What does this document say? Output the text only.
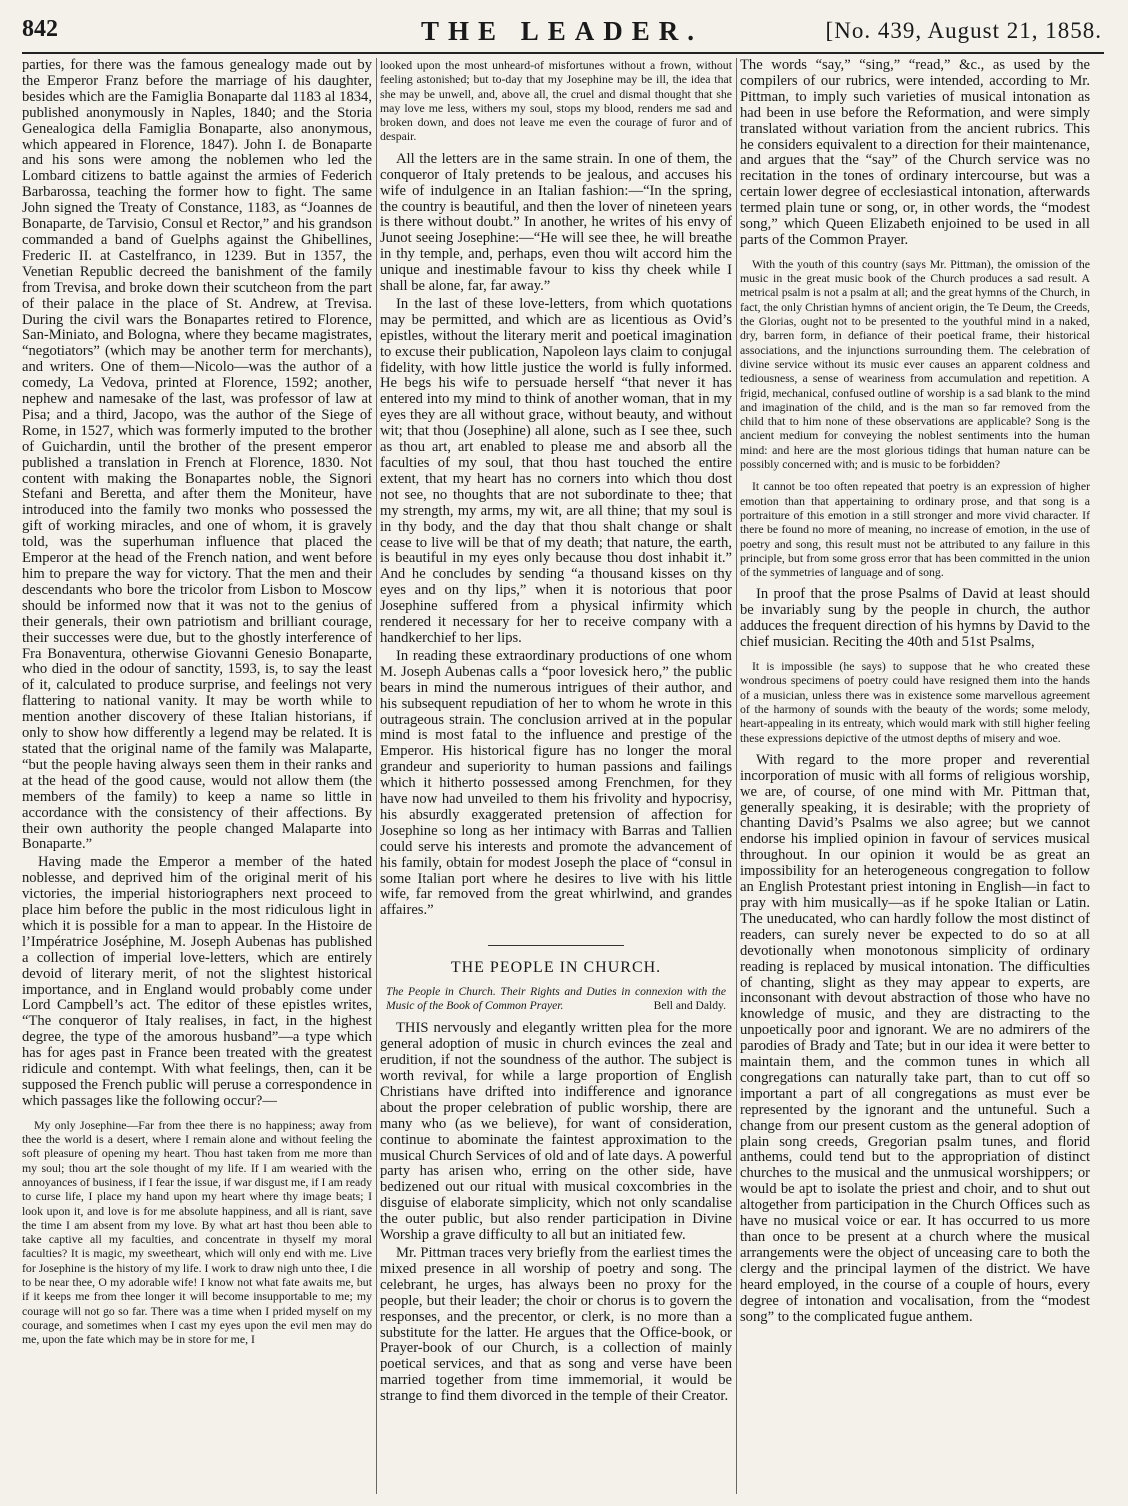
842	THE LEADER.	[No. 439, August 21, 1858.

parties, for there was the famous genealogy made out by the Emperor Franz before the marriage of his daughter, besides which are the Famiglia Bonaparte dal 1183 al 1834, published anonymously in Naples, 1840; and the Storia Genealogica della Famiglia Bonaparte, also anonymous, which appeared in Florence, 1847). John I. de Bonaparte and his sons were among the noblemen who led the Lombard citizens to battle against the armies of Federich Barbarossa, teaching the former how to fight. The same John signed the Treaty of Constance, 1183, as “Joannes de Bonaparte, de Tarvisio, Consul et Rector,” and his grandson commanded a band of Guelphs against the Ghibellines, Frederic II. at Castelfranco, in 1239. But in 1357, the Venetian Republic decreed the banishment of the family from Trevisa, and broke down their scutcheon from the part of their palace in the place of St. Andrew, at Trevisa. During the civil wars the Bonapartes retired to Florence, San-Miniato, and Bologna, where they became magistrates, “negotiators” (which may be another term for merchants), and writers. One of them—Nicolo—was the author of a comedy, La Vedova, printed at Florence, 1592; another, nephew and namesake of the last, was professor of law at Pisa; and a third, Jacopo, was the author of the Siege of Rome, in 1527, which was formerly imputed to the brother of Guichardin, until the brother of the present emperor published a translation in French at Florence, 1830. Not content with making the Bonapartes noble, the Signori Stefani and Beretta, and after them the Moniteur, have introduced into the family two monks who possessed the gift of working miracles, and one of whom, it is gravely told, was the superhuman influence that placed the Emperor at the head of the French nation, and went before him to prepare the way for victory. That the men and their descendants who bore the tricolor from Lisbon to Moscow should be informed now that it was not to the genius of their generals, their own patriotism and brilliant courage, their successes were due, but to the ghostly interference of Fra Bonaventura, otherwise Giovanni Genesio Bonaparte, who died in the odour of sanctity, 1593, is, to say the least of it, calculated to produce surprise, and feelings not very flattering to national vanity. It may be worth while to mention another discovery of these Italian historians, if only to show how differently a legend may be related. It is stated that the original name of the family was Malaparte, “but the people having always seen them in their ranks and at the head of the good cause, would not allow them (the members of the family) to keep a name so little in accordance with the consistency of their affections. By their own authority the people changed Malaparte into Bonaparte.”

Having made the Emperor a member of the hated noblesse, and deprived him of the original merit of his victories, the imperial historiographers next proceed to place him before the public in the most ridiculous light in which it is possible for a man to appear. In the Histoire de l’Impératrice Joséphine, M. Joseph Aubenas has published a collection of imperial love-letters, which are entirely devoid of literary merit, of not the slightest historical importance, and in England would probably come under Lord Campbell’s act. The editor of these epistles writes, “The conqueror of Italy realises, in fact, in the highest degree, the type of the amorous husband”—a type which has for ages past in France been treated with the greatest ridicule and contempt. With what feelings, then, can it be supposed the French public will peruse a correspondence in which passages like the following occur?—

My only Josephine—Far from thee there is no happiness; away from thee the world is a desert, where I remain alone and without feeling the soft pleasure of opening my heart. Thou hast taken from me more than my soul; thou art the sole thought of my life. If I am wearied with the annoyances of business, if I fear the issue, if war disgust me, if I am ready to curse life, I place my hand upon my heart where thy image beats; I look upon it, and love is for me absolute happiness, and all is riant, save the time I am absent from my love. By what art hast thou been able to take captive all my faculties, and concentrate in thyself my moral faculties? It is magic, my sweetheart, which will only end with me. Live for Josephine is the history of my life. I work to draw nigh unto thee, I die to be near thee, O my adorable wife! I know not what fate awaits me, but if it keeps me from thee longer it will become insupportable to me; my courage will not go so far. There was a time when I prided myself on my courage, and sometimes when I cast my eyes upon the evil men may do me, upon the fate which may be in store for me, I

looked upon the most unheard-of misfortunes without a frown, without feeling astonished; but to-day that my Josephine may be ill, the idea that she may be unwell, and, above all, the cruel and dismal thought that she may love me less, withers my soul, stops my blood, renders me sad and broken down, and does not leave me even the courage of furor and of despair.

All the letters are in the same strain. In one of them, the conqueror of Italy pretends to be jealous, and accuses his wife of indulgence in an Italian fashion:—“In the spring, the country is beautiful, and then the lover of nineteen years is there without doubt.” In another, he writes of his envy of Junot seeing Josephine:—“He will see thee, he will breathe in thy temple, and, perhaps, even thou wilt accord him the unique and inestimable favour to kiss thy cheek while I shall be alone, far, far away.”

In the last of these love-letters, from which quotations may be permitted, and which are as licentious as Ovid’s epistles, without the literary merit and poetical imagination to excuse their publication, Napoleon lays claim to conjugal fidelity, with how little justice the world is fully informed. He begs his wife to persuade herself “that never it has entered into my mind to think of another woman, that in my eyes they are all without grace, without beauty, and without wit; that thou (Josephine) all alone, such as I see thee, such as thou art, art enabled to please me and absorb all the faculties of my soul, that thou hast touched the entire extent, that my heart has no corners into which thou dost not see, no thoughts that are not subordinate to thee; that my strength, my arms, my wit, are all thine; that my soul is in thy body, and the day that thou shalt change or shalt cease to live will be that of my death; that nature, the earth, is beautiful in my eyes only because thou dost inhabit it.” And he concludes by sending “a thousand kisses on thy eyes and on thy lips,” when it is notorious that poor Josephine suffered from a physical infirmity which rendered it necessary for her to receive company with a handkerchief to her lips.

In reading these extraordinary productions of one whom M. Joseph Aubenas calls a “poor lovesick hero,” the public bears in mind the numerous intrigues of their author, and his subsequent repudiation of her to whom he wrote in this outrageous strain. The conclusion arrived at in the popular mind is most fatal to the influence and prestige of the Emperor. His historical figure has no longer the moral grandeur and superiority to human passions and failings which it hitherto possessed among Frenchmen, for they have now had unveiled to them his frivolity and hypocrisy, his absurdly exaggerated pretension of affection for Josephine so long as her intimacy with Barras and Tallien could serve his interests and promote the advancement of his family, obtain for modest Joseph the place of “consul in some Italian port where he desires to live with his little wife, far removed from the great whirlwind, and grandes affaires.”

THE PEOPLE IN CHURCH.

The People in Church. Their Rights and Duties in connexion with the Music of the Book of Common Prayer.	Bell and Daldy.

THIS nervously and elegantly written plea for the more general adoption of music in church evinces the zeal and erudition, if not the soundness of the author. The subject is worth revival, for while a large proportion of English Christians have drifted into indifference and ignorance about the proper celebration of public worship, there are many who (as we believe), for want of consideration, continue to abominate the faintest approximation to the musical Church Services of old and of late days. A powerful party has arisen who, erring on the other side, have bedizened out our ritual with musical coxcombries in the disguise of elaborate simplicity, which not only scandalise the outer public, but also render participation in Divine Worship a grave difficulty to all but an initiated few.

Mr. Pittman traces very briefly from the earliest times the mixed presence in all worship of poetry and song. The celebrant, he urges, has always been no proxy for the people, but their leader; the choir or chorus is to govern the responses, and the precentor, or clerk, is no more than a substitute for the latter. He argues that the Office-book, or Prayer-book of our Church, is a collection of mainly poetical services, and that as song and verse have been married together from time immemorial, it would be strange to find them divorced in the temple of their Creator.

The words “say,” “sing,” “read,” &c., as used by the compilers of our rubrics, were intended, according to Mr. Pittman, to imply such varieties of musical intonation as had been in use before the Reformation, and were simply translated without variation from the ancient rubrics. This he considers equivalent to a direction for their maintenance, and argues that the “say” of the Church service was no recitation in the tones of ordinary intercourse, but was a certain lower degree of ecclesiastical intonation, afterwards termed plain tune or song, or, in other words, the “modest song,” which Queen Elizabeth enjoined to be used in all parts of the Common Prayer.

With the youth of this country (says Mr. Pittman), the omission of the music in the great music book of the Church produces a sad result. A metrical psalm is not a psalm at all; and the great hymns of the Church, in fact, the only Christian hymns of ancient origin, the Te Deum, the Creeds, the Glorias, ought not to be presented to the youthful mind in a naked, dry, barren form, in defiance of their poetical frame, their historical associations, and the injunctions surrounding them. The celebration of divine service without its music ever causes an apparent coldness and tediousness, a sense of weariness from accumulation and repetition. A frigid, mechanical, confused outline of worship is a sad blank to the mind and imagination of the child, and is the man so far removed from the child that to him none of these observations are applicable? Song is the ancient medium for conveying the noblest sentiments into the human mind: and here are the most glorious tidings that human nature can be possibly concerned with; and is music to be forbidden?

It cannot be too often repeated that poetry is an expression of higher emotion than that appertaining to ordinary prose, and that song is a portraiture of this emotion in a still stronger and more vivid character. If there be found no more of meaning, no increase of emotion, in the use of poetry and song, this result must not be attributed to any failure in this principle, but from some gross error that has been committed in the union of the symmetries of language and of song.

In proof that the prose Psalms of David at least should be invariably sung by the people in church, the author adduces the frequent direction of his hymns by David to the chief musician. Reciting the 40th and 51st Psalms,

It is impossible (he says) to suppose that he who created these wondrous specimens of poetry could have resigned them into the hands of a musician, unless there was in existence some marvellous agreement of the harmony of sounds with the beauty of the words; some melody, heart-appealing in its entreaty, which would mark with still higher feeling these expressions depictive of the utmost depths of misery and woe.

With regard to the more proper and reverential incorporation of music with all forms of religious worship, we are, of course, of one mind with Mr. Pittman that, generally speaking, it is desirable; with the propriety of chanting David’s Psalms we also agree; but we cannot endorse his implied opinion in favour of services musical throughout. In our opinion it would be as great an impossibility for an heterogeneous congregation to follow an English Protestant priest intoning in English—in fact to pray with him musically—as if he spoke Italian or Latin. The uneducated, who can hardly follow the most distinct of readers, can surely never be expected to do so at all devotionally when monotonous simplicity of ordinary reading is replaced by musical intonation. The difficulties of chanting, slight as they may appear to experts, are inconsonant with devout abstraction of those who have no knowledge of music, and they are distracting to the unpoetically poor and ignorant. We are no admirers of the parodies of Brady and Tate; but in our idea it were better to maintain them, and the common tunes in which all congregations can naturally take part, than to cut off so important a part of all congregations as must ever be represented by the ignorant and the untuneful. Such a change from our present custom as the general adoption of plain song creeds, Gregorian psalm tunes, and florid anthems, could tend but to the appropriation of distinct churches to the musical and the unmusical worshippers; or would be apt to isolate the priest and choir, and to shut out altogether from participation in the Church Offices such as have no musical voice or ear. It has occurred to us more than once to be present at a church where the musical arrangements were the object of unceasing care to both the clergy and the principal laymen of the district. We have heard employed, in the course of a couple of hours, every degree of intonation and vocalisation, from the “modest song” to the complicated fugue anthem.
